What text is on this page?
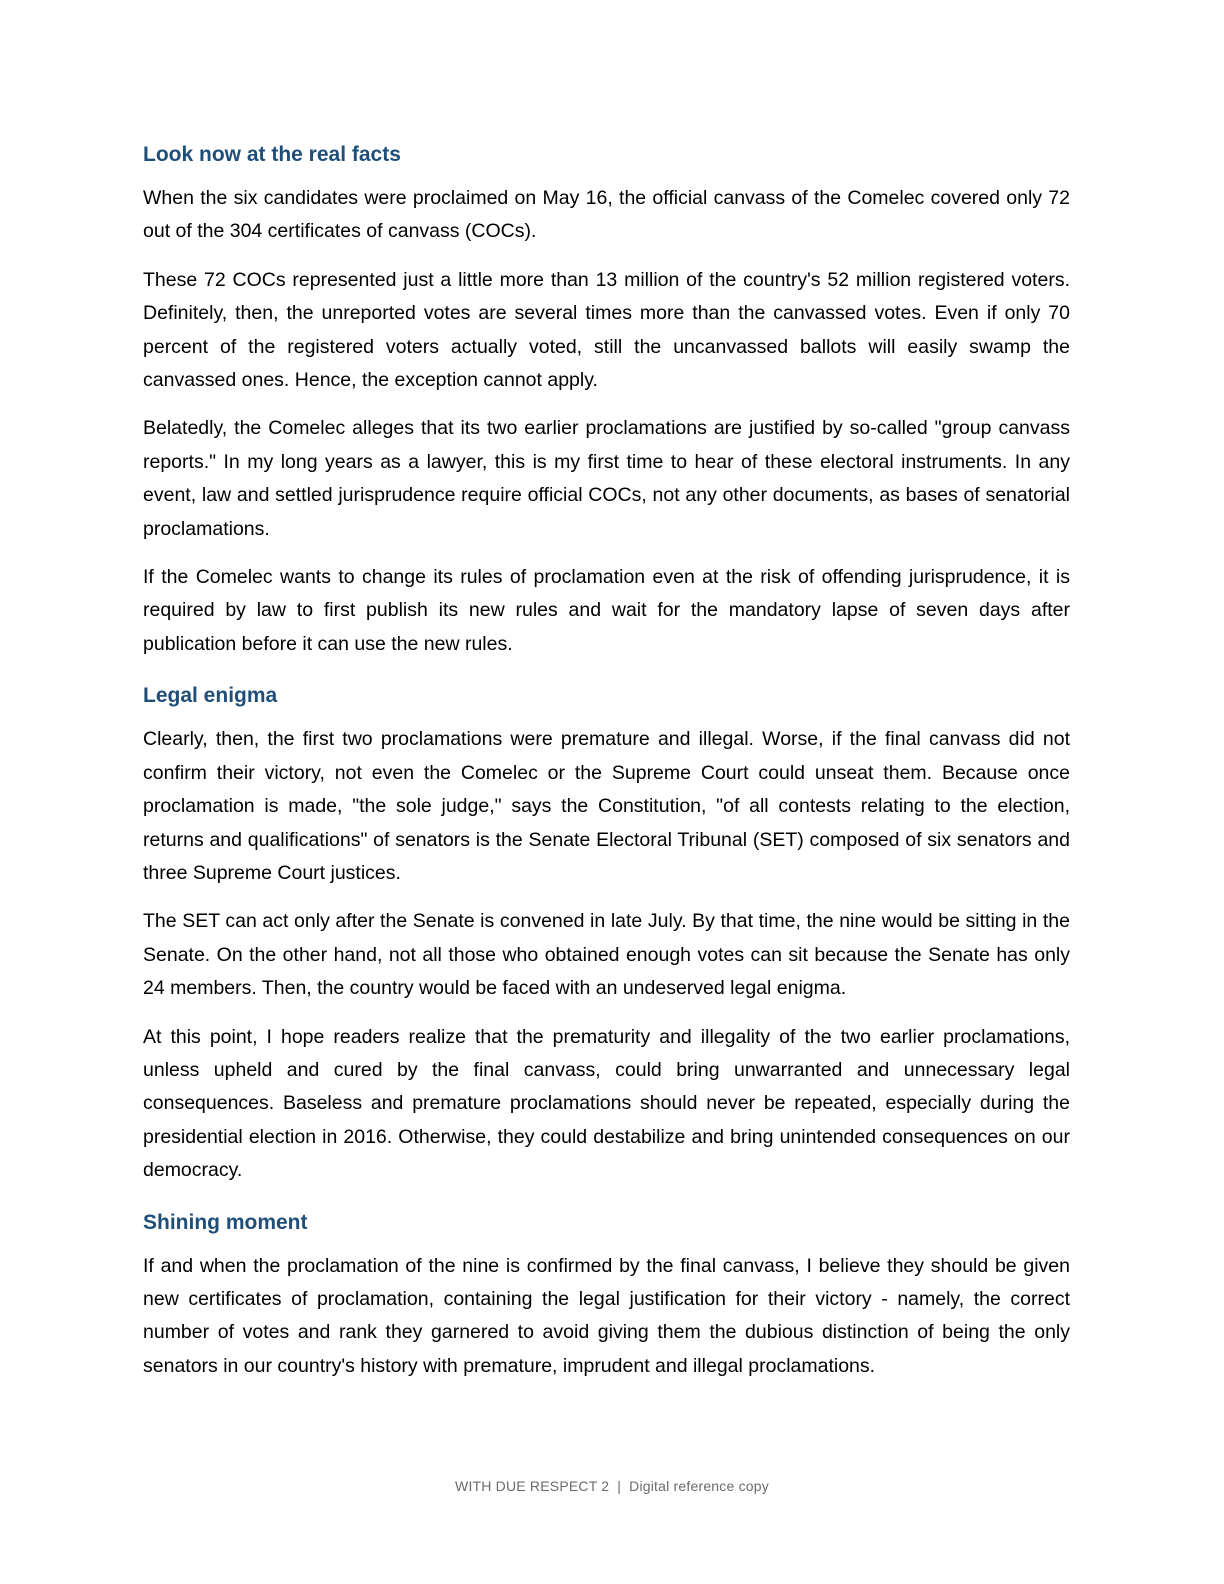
Look now at the real facts

When the six candidates were proclaimed on May 16, the official canvass of the Comelec covered only 72 out of the 304 certificates of canvass (COCs).

These 72 COCs represented just a little more than 13 million of the country's 52 million registered voters. Definitely, then, the unreported votes are several times more than the canvassed votes. Even if only 70 percent of the registered voters actually voted, still the uncanvassed ballots will easily swamp the canvassed ones. Hence, the exception cannot apply.

Belatedly, the Comelec alleges that its two earlier proclamations are justified by so-called "group canvass reports." In my long years as a lawyer, this is my first time to hear of these electoral instruments. In any event, law and settled jurisprudence require official COCs, not any other documents, as bases of senatorial proclamations.

If the Comelec wants to change its rules of proclamation even at the risk of offending jurisprudence, it is required by law to first publish its new rules and wait for the mandatory lapse of seven days after publication before it can use the new rules.

Legal enigma

Clearly, then, the first two proclamations were premature and illegal. Worse, if the final canvass did not confirm their victory, not even the Comelec or the Supreme Court could unseat them. Because once proclamation is made, "the sole judge," says the Constitution, "of all contests relating to the election, returns and qualifications" of senators is the Senate Electoral Tribunal (SET) composed of six senators and three Supreme Court justices.

The SET can act only after the Senate is convened in late July. By that time, the nine would be sitting in the Senate. On the other hand, not all those who obtained enough votes can sit because the Senate has only 24 members. Then, the country would be faced with an undeserved legal enigma.

At this point, I hope readers realize that the prematurity and illegality of the two earlier proclamations, unless upheld and cured by the final canvass, could bring unwarranted and unnecessary legal consequences. Baseless and premature proclamations should never be repeated, especially during the presidential election in 2016. Otherwise, they could destabilize and bring unintended consequences on our democracy.

Shining moment

If and when the proclamation of the nine is confirmed by the final canvass, I believe they should be given new certificates of proclamation, containing the legal justification for their victory - namely, the correct number of votes and rank they garnered to avoid giving them the dubious distinction of being the only senators in our country's history with premature, imprudent and illegal proclamations.

WITH DUE RESPECT 2 | Digital reference copy
